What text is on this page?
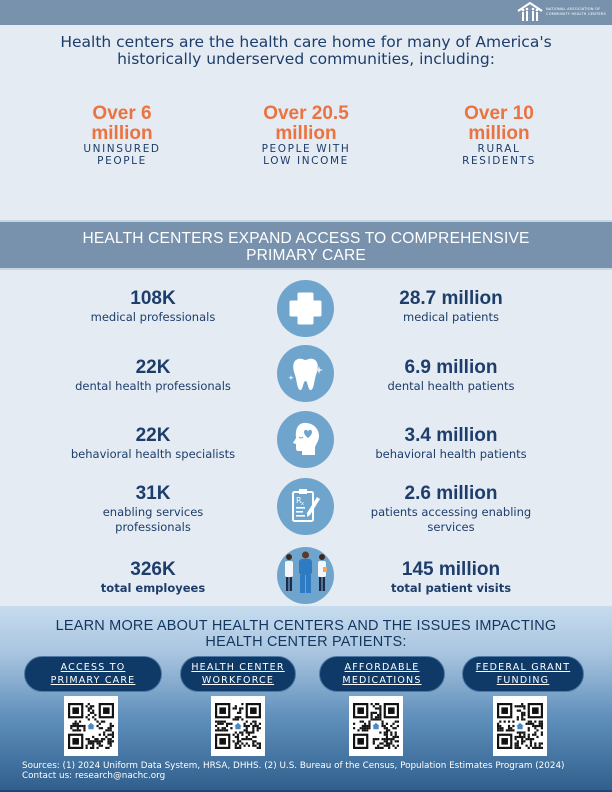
NATIONAL ASSOCIATION OF
COMMUNITY HEALTH CENTERS
Health centers are the health care home for many of America's
historically underserved communities, including:
Over 6
million
UNINSURED
PEOPLE
Over 20.5
million
PEOPLE WITH
LOW INCOME
Over 10
million
RURAL
RESIDENTS
HEALTH CENTERS EXPAND ACCESS TO COMPREHENSIVE
PRIMARY CARE
108K
medical professionals
28.7 million
medical patients
22K
dental health professionals
6.9 million
dental health patients
22K
behavioral health specialists
3.4 million
behavioral health patients
31K
enabling services professionals
R x	2.6 million
patients accessing enabling services
326K
total employees
145 million
total patient visits
LEARN MORE ABOUT HEALTH CENTERS AND THE ISSUES IMPACTING
HEALTH CENTER PATIENTS:
ACCESS TO
PRIMARY CARE
HEALTH CENTER
WORKFORCE
AFFORDABLE
MEDICATIONS
FEDERAL GRANT
FUNDING
Sources: (1) 2024 Uniform Data System, HRSA, DHHS. (2) U.S. Bureau of the Census, Population Estimates Program (2024)
Contact us: research@nachc.org
